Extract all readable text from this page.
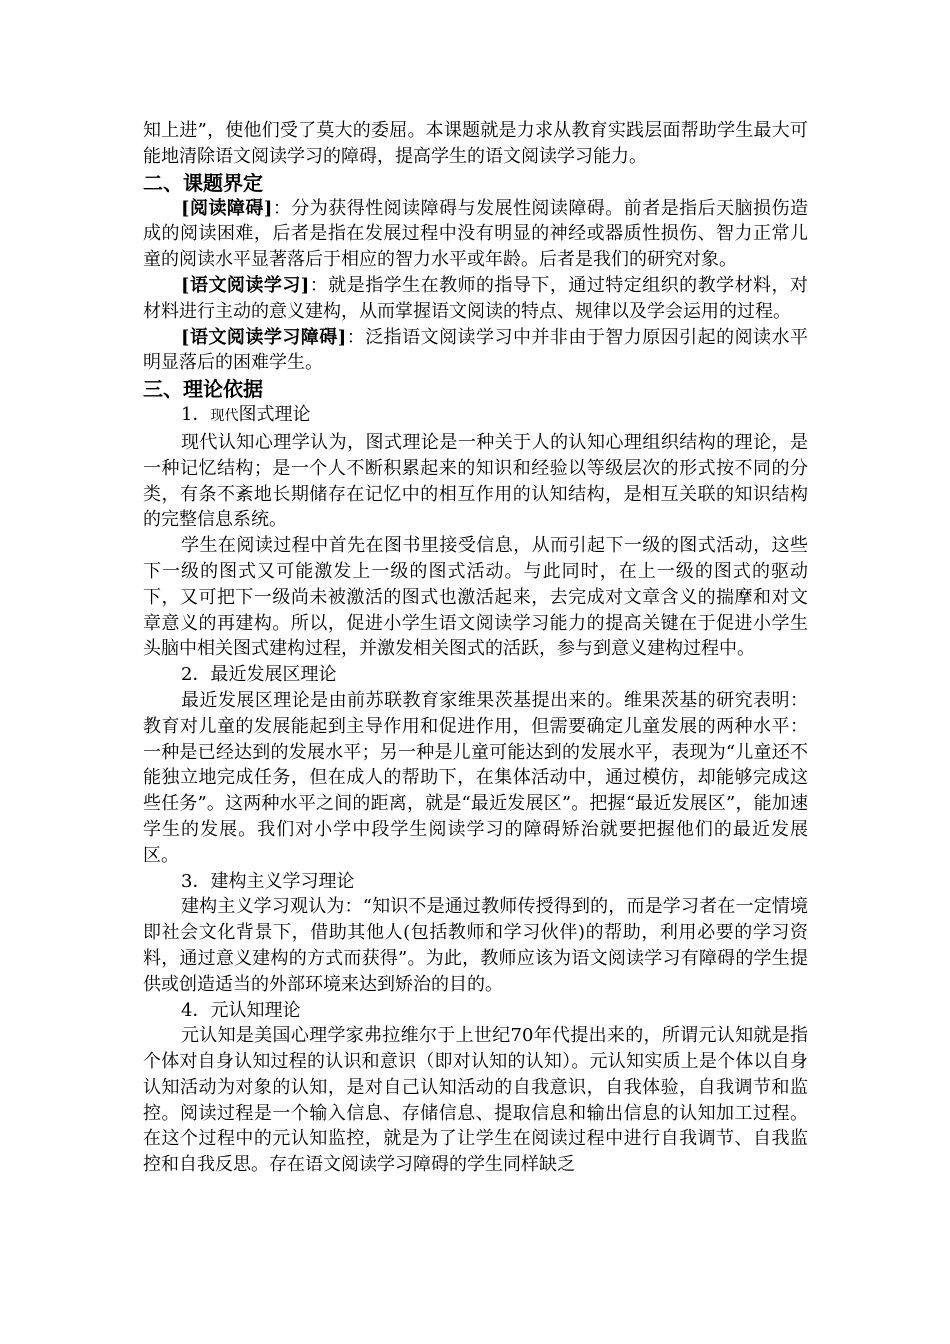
知上进”，使他们受了莫大的委屈。本课题就是力求从教育实践层面帮助学生最大可能地清除语文阅读学习的障碍，提高学生的语文阅读学习能力。

二、课题界定

[阅读障碍]：分为获得性阅读障碍与发展性阅读障碍。前者是指后天脑损伤造成的阅读困难，后者是指在发展过程中没有明显的神经或器质性损伤、智力正常儿童的阅读水平显著落后于相应的智力水平或年龄。后者是我们的研究对象。

[语文阅读学习]：就是指学生在教师的指导下，通过特定组织的教学材料，对材料进行主动的意义建构，从而掌握语文阅读的特点、规律以及学会运用的过程。

[语文阅读学习障碍]：泛指语文阅读学习中并非由于智力原因引起的阅读水平明显落后的困难学生。

三、理论依据

1．现代图式理论

现代认知心理学认为，图式理论是一种关于人的认知心理组织结构的理论，是一种记忆结构；是一个人不断积累起来的知识和经验以等级层次的形式按不同的分类，有条不紊地长期储存在记忆中的相互作用的认知结构，是相互关联的知识结构的完整信息系统。

学生在阅读过程中首先在图书里接受信息，从而引起下一级的图式活动，这些下一级的图式又可能激发上一级的图式活动。与此同时，在上一级的图式的驱动下，又可把下一级尚未被激活的图式也激活起来，去完成对文章含义的揣摩和对文章意义的再建构。所以，促进小学生语文阅读学习能力的提高关键在于促进小学生头脑中相关图式建构过程，并激发相关图式的活跃，参与到意义建构过程中。

2．最近发展区理论

最近发展区理论是由前苏联教育家维果茨基提出来的。维果茨基的研究表明：教育对儿童的发展能起到主导作用和促进作用，但需要确定儿童发展的两种水平：一种是已经达到的发展水平；另一种是儿童可能达到的发展水平，表现为“儿童还不能独立地完成任务，但在成人的帮助下，在集体活动中，通过模仿，却能够完成这些任务”。这两种水平之间的距离，就是“最近发展区”。把握“最近发展区”，能加速学生的发展。我们对小学中段学生阅读学习的障碍矫治就要把握他们的最近发展区。

3．建构主义学习理论

建构主义学习观认为：“知识不是通过教师传授得到的，而是学习者在一定情境即社会文化背景下，借助其他人(包括教师和学习伙伴)的帮助，利用必要的学习资料，通过意义建构的方式而获得”。为此，教师应该为语文阅读学习有障碍的学生提供或创造适当的外部环境来达到矫治的目的。

4．元认知理论

元认知是美国心理学家弗拉维尔于上世纪70年代提出来的，所谓元认知就是指个体对自身认知过程的认识和意识（即对认知的认知）。元认知实质上是个体以自身认知活动为对象的认知，是对自己认知活动的自我意识，自我体验，自我调节和监控。阅读过程是一个输入信息、存储信息、提取信息和输出信息的认知加工过程。在这个过程中的元认知监控，就是为了让学生在阅读过程中进行自我调节、自我监控和自我反思。存在语文阅读学习障碍的学生同样缺乏
